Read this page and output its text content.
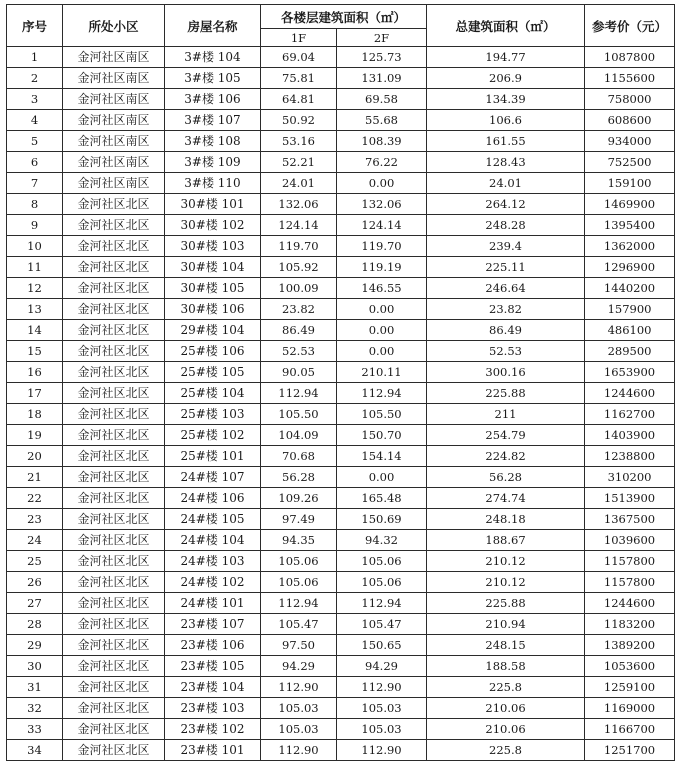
序号	所处小区	房屋名称	各楼层建筑面积（㎡）		总建筑面积（㎡）	参考价（元）
			1F	2F		
1	金河社区南区	3#楼 104	69.04	125.73	194.77	1087800
2	金河社区南区	3#楼 105	75.81	131.09	206.9	1155600
3	金河社区南区	3#楼 106	64.81	69.58	134.39	758000
4	金河社区南区	3#楼 107	50.92	55.68	106.6	608600
5	金河社区南区	3#楼 108	53.16	108.39	161.55	934000
6	金河社区南区	3#楼 109	52.21	76.22	128.43	752500
7	金河社区南区	3#楼 110	24.01	0.00	24.01	159100
8	金河社区北区	30#楼 101	132.06	132.06	264.12	1469900
9	金河社区北区	30#楼 102	124.14	124.14	248.28	1395400
10	金河社区北区	30#楼 103	119.70	119.70	239.4	1362000
11	金河社区北区	30#楼 104	105.92	119.19	225.11	1296900
12	金河社区北区	30#楼 105	100.09	146.55	246.64	1440200
13	金河社区北区	30#楼 106	23.82	0.00	23.82	157900
14	金河社区北区	29#楼 104	86.49	0.00	86.49	486100
15	金河社区北区	25#楼 106	52.53	0.00	52.53	289500
16	金河社区北区	25#楼 105	90.05	210.11	300.16	1653900
17	金河社区北区	25#楼 104	112.94	112.94	225.88	1244600
18	金河社区北区	25#楼 103	105.50	105.50	211	1162700
19	金河社区北区	25#楼 102	104.09	150.70	254.79	1403900
20	金河社区北区	25#楼 101	70.68	154.14	224.82	1238800
21	金河社区北区	24#楼 107	56.28	0.00	56.28	310200
22	金河社区北区	24#楼 106	109.26	165.48	274.74	1513900
23	金河社区北区	24#楼 105	97.49	150.69	248.18	1367500
24	金河社区北区	24#楼 104	94.35	94.32	188.67	1039600
25	金河社区北区	24#楼 103	105.06	105.06	210.12	1157800
26	金河社区北区	24#楼 102	105.06	105.06	210.12	1157800
27	金河社区北区	24#楼 101	112.94	112.94	225.88	1244600
28	金河社区北区	23#楼 107	105.47	105.47	210.94	1183200
29	金河社区北区	23#楼 106	97.50	150.65	248.15	1389200
30	金河社区北区	23#楼 105	94.29	94.29	188.58	1053600
31	金河社区北区	23#楼 104	112.90	112.90	225.8	1259100
32	金河社区北区	23#楼 103	105.03	105.03	210.06	1169000
33	金河社区北区	23#楼 102	105.03	105.03	210.06	1166700
34	金河社区北区	23#楼 101	112.90	112.90	225.8	1251700
